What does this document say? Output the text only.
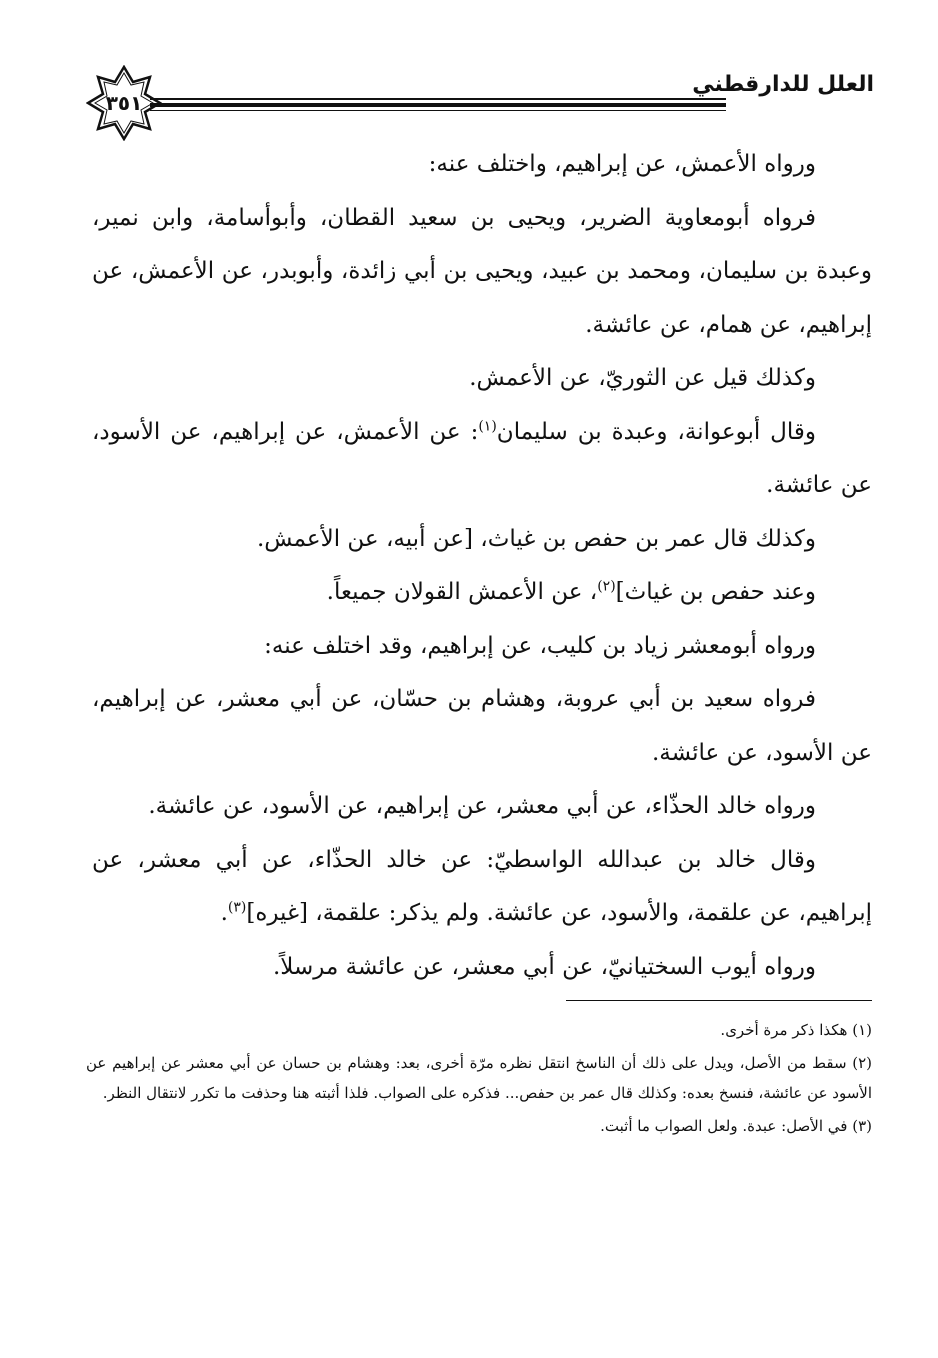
العلل للدارقطني
٣٥١

ورواه الأعمش، عن إبراهيم، واختلف عنه:

فرواه أبومعاوية الضرير، ويحيى بن سعيد القطان، وأبوأسامة، وابن نمير، وعبدة بن سليمان، ومحمد بن عبيد، ويحيى بن أبي زائدة، وأبوبدر، عن الأعمش، عن إبراهيم، عن همام، عن عائشة.

وكذلك قيل عن الثوريّ، عن الأعمش.

وقال أبوعوانة، وعبدة بن سليمان$^{(١)}$: عن الأعمش، عن إبراهيم، عن الأسود، عن عائشة.

وكذلك قال عمر بن حفص بن غياث، [عن أبيه، عن الأعمش.

وعند حفص بن غياث]$^{(٢)}$، عن الأعمش القولان جميعاً.

ورواه أبومعشر زياد بن كليب، عن إبراهيم، وقد اختلف عنه:

فرواه سعيد بن أبي عروبة، وهشام بن حسّان، عن أبي معشر، عن إبراهيم، عن الأسود، عن عائشة.

ورواه خالد الحذّاء، عن أبي معشر، عن إبراهيم، عن الأسود، عن عائشة.

وقال خالد بن عبدالله الواسطيّ: عن خالد الحذّاء، عن أبي معشر، عن إبراهيم، عن علقمة، والأسود، عن عائشة. ولم يذكر: علقمة، [غيره]$^{(٣)}$.

ورواه أيوب السختيانيّ، عن أبي معشر، عن عائشة مرسلاً.

(١) هكذا ذكر مرة أخرى.

(٢) سقط من الأصل، ويدل على ذلك أن الناسخ انتقل نظره مرّة أخرى، بعد: وهشام بن حسان عن أبي معشر عن إبراهيم عن الأسود عن عائشة، فنسخ بعده: وكذلك قال عمر بن حفص... فذكره على الصواب. فلذا أثبته هنا وحذفت ما تكرر لانتقال النظر.

(٣) في الأصل: عبدة. ولعل الصواب ما أثبت.
